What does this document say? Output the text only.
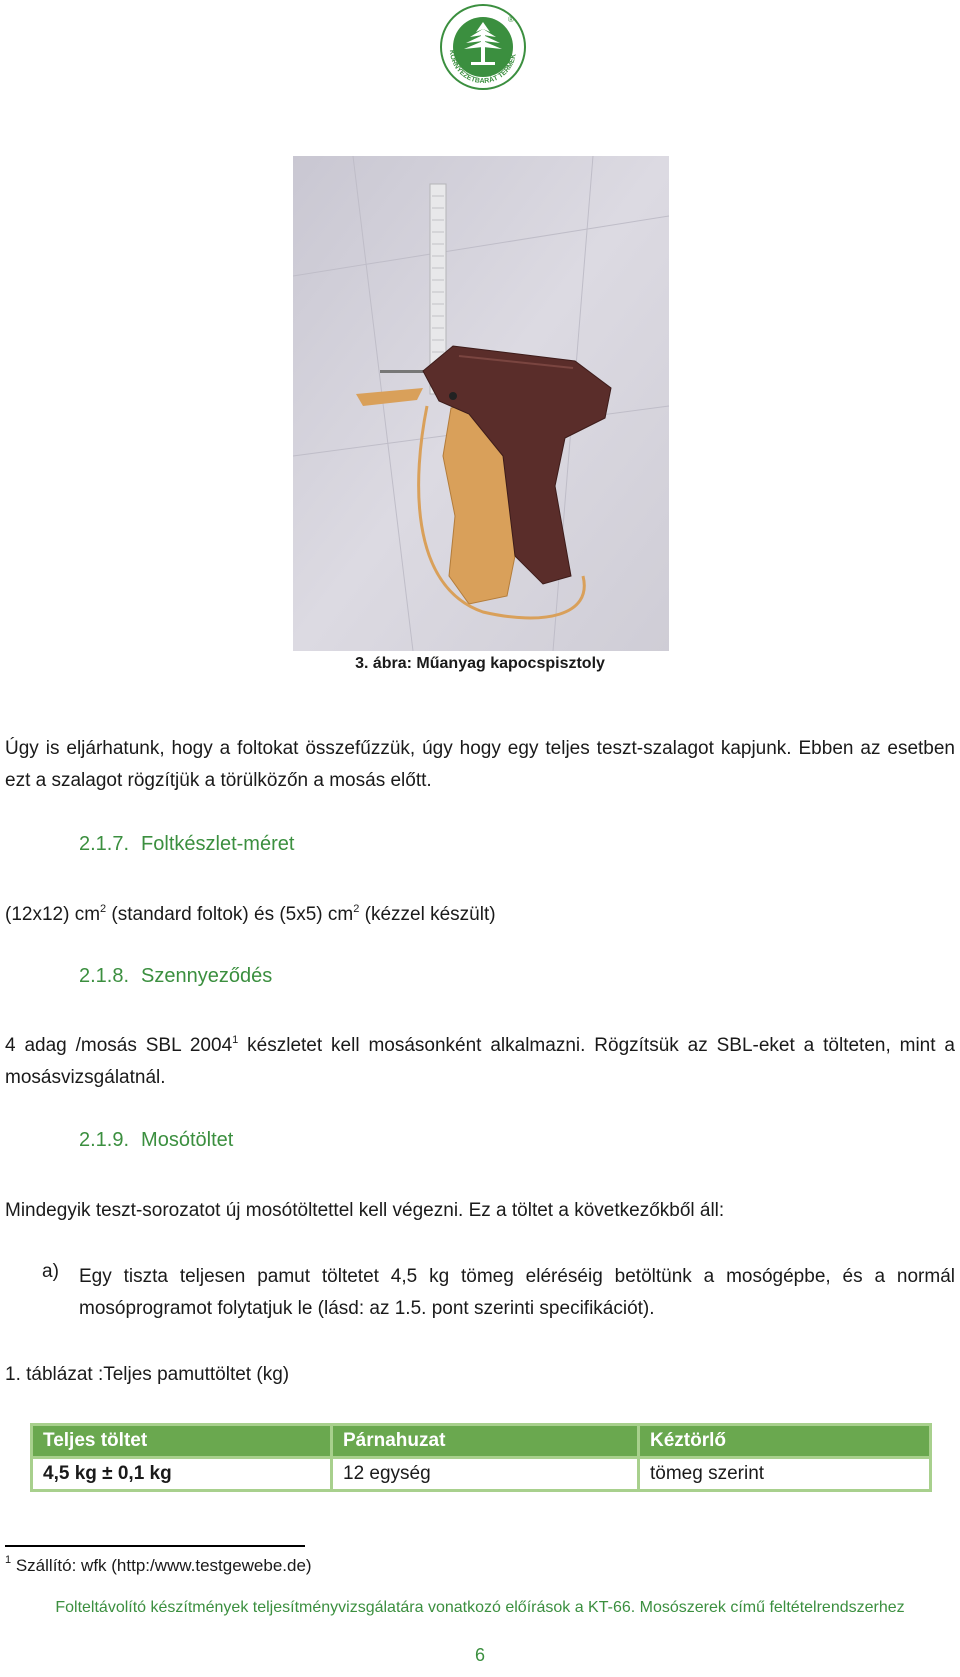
KÖRNYEZETBARÁT TERMÉK
®
3. ábra: Műanyag kapocspisztoly
Úgy is eljárhatunk, hogy a foltokat összefűzzük, úgy hogy egy teljes teszt-szalagot kapjunk. Ebben az esetben ezt a szalagot rögzítjük a törülközőn a mosás előtt.
2.1.7. Foltkészlet-méret
(12x12) $cm^2$ (standard foltok) és (5x5) $cm^2$ (kézzel készült)
2.1.8. Szennyeződés
4 adag /mosás SBL 2004$^1$ készletet kell mosásonként alkalmazni. Rögzítsük az SBL-eket a tölteten, mint a mosásvizsgálatnál.
2.1.9. Mosótöltet
Mindegyik teszt-sorozatot új mosótöltettel kell végezni. Ez a töltet a következőkből áll:
a) Egy tiszta teljesen pamut töltetet 4,5 kg tömeg eléréséig betöltünk a mosógépbe, és a normál mosóprogramot folytatjuk le (lásd: az 1.5. pont szerinti specifikációt).
1. táblázat :Teljes pamuttöltet (kg)
Teljes töltet	Párnahuzat	Kéztörlő
4,5 kg ± 0,1 kg	12 egység	tömeg szerint
$^1$ Szállító: wfk (http:/www.testgewebe.de)
Folteltávolító készítmények teljesítményvizsgálatára vonatkozó előírások a KT-66. Mosószerek című feltételrendszerhez
6
